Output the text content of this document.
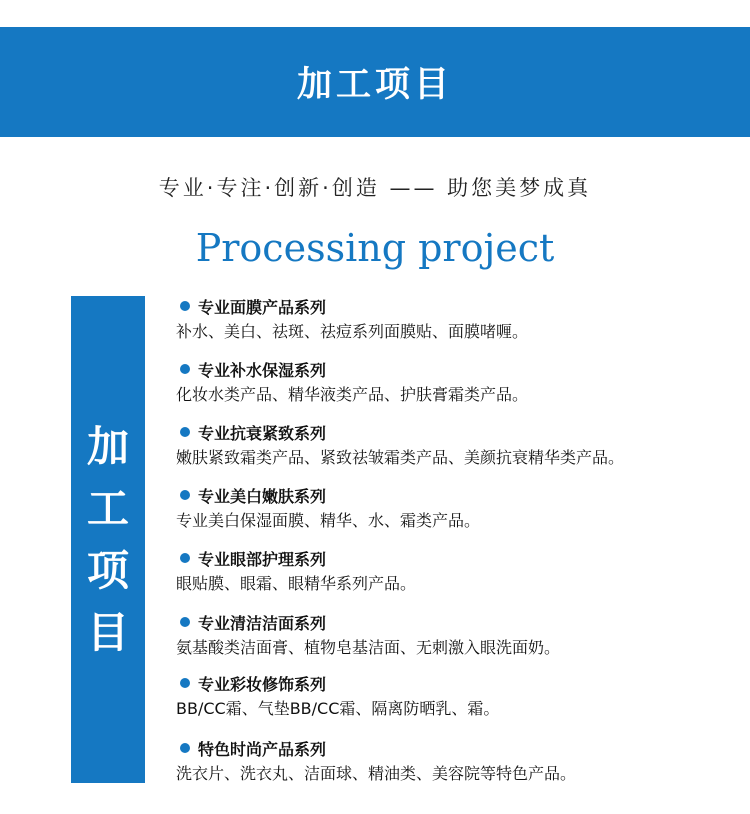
加工项目
专业·专注·创新·创造 —— 助您美梦成真
Processing project
加
工
项
目
专业面膜产品系列
补水、美白、祛斑、祛痘系列面膜贴、面膜啫喱。
专业补水保湿系列
化妆水类产品、精华液类产品、护肤膏霜类产品。
专业抗衰紧致系列
嫩肤紧致霜类产品、紧致祛皱霜类产品、美颜抗衰精华类产品。
专业美白嫩肤系列
专业美白保湿面膜、精华、水、霜类产品。
专业眼部护理系列
眼贴膜、眼霜、眼精华系列产品。
专业清洁洁面系列
氨基酸类洁面膏、植物皂基洁面、无刺激入眼洗面奶。
专业彩妆修饰系列
BB/CC霜、气垫BB/CC霜、隔离防晒乳、霜。
特色时尚产品系列
洗衣片、洗衣丸、洁面球、精油类、美容院等特色产品。
